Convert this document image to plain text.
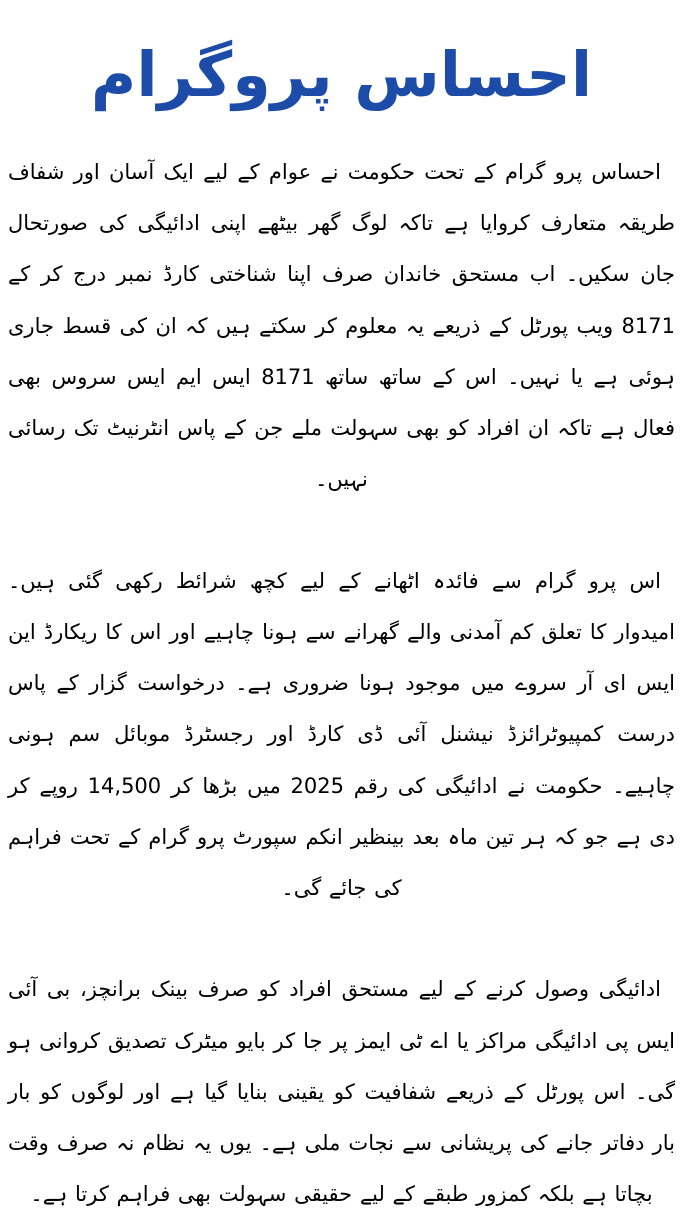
احساس پروگرام

احساس پرو گرام کے تحت حکومت نے عوام کے لیے ایک آسان اور شفاف طریقہ متعارف کروایا ہے تاکہ لوگ گھر بیٹھے اپنی ادائیگی کی صورتحال جان سکیں۔ اب مستحق خاندان صرف اپنا شناختی کارڈ نمبر درج کر کے 8171 ویب پورٹل کے ذریعے یہ معلوم کر سکتے ہیں کہ ان کی قسط جاری ہوئی ہے یا نہیں۔ اس کے ساتھ ساتھ 8171 ایس ایم ایس سروس بھی فعال ہے تاکہ ان افراد کو بھی سہولت ملے جن کے پاس انٹرنیٹ تک رسائی نہیں۔

اس پرو گرام سے فائدہ اٹھانے کے لیے کچھ شرائط رکھی گئی ہیں۔ امیدوار کا تعلق کم آمدنی والے گھرانے سے ہونا چاہیے اور اس کا ریکارڈ این ایس ای آر سروے میں موجود ہونا ضروری ہے۔ درخواست گزار کے پاس درست کمپیوٹرائزڈ نیشنل آئی ڈی کارڈ اور رجسٹرڈ موبائل سم ہونی چاہیے۔ حکومت نے ادائیگی کی رقم 2025 میں بڑھا کر 14,500 روپے کر دی ہے جو کہ ہر تین ماہ بعد بینظیر انکم سپورٹ پرو گرام کے تحت فراہم کی جائے گی۔

ادائیگی وصول کرنے کے لیے مستحق افراد کو صرف بینک برانچز، بی آئی ایس پی ادائیگی مراکز یا اے ٹی ایمز پر جا کر بایو میٹرک تصدیق کروانی ہو گی۔ اس پورٹل کے ذریعے شفافیت کو یقینی بنایا گیا ہے اور لوگوں کو بار بار دفاتر جانے کی پریشانی سے نجات ملی ہے۔ یوں یہ نظام نہ صرف وقت بچاتا ہے بلکہ کمزور طبقے کے لیے حقیقی سہولت بھی فراہم کرتا ہے۔
